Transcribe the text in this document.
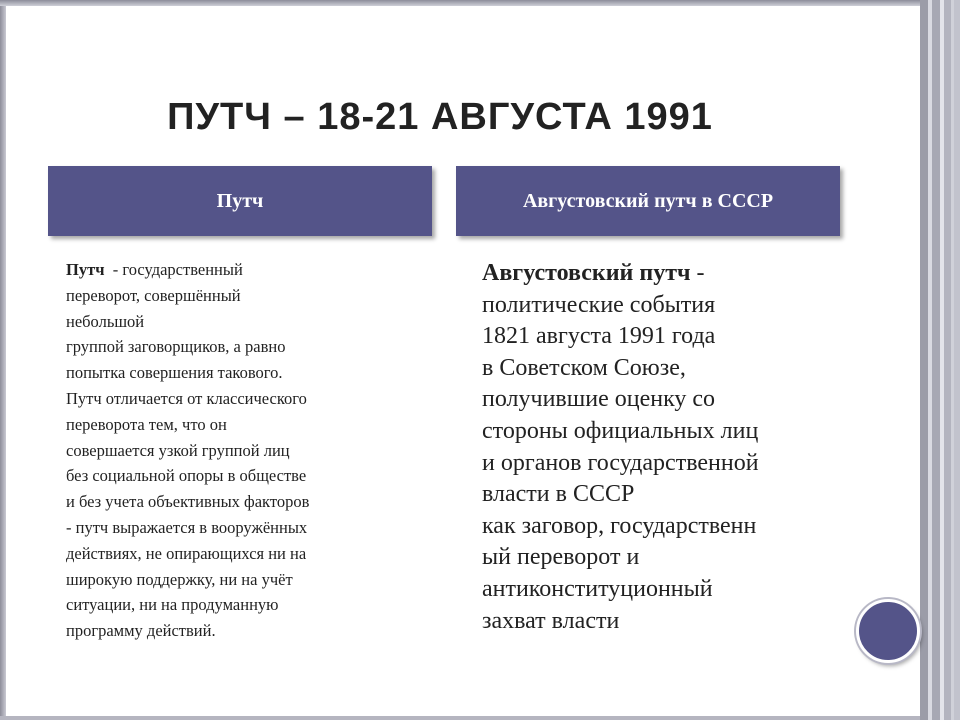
ПУТЧ – 18-21 АВГУСТА 1991
Путч	Августовский путч в СССР
Путч  - государственный
переворот, совершённый
небольшой
группой заговорщиков, а равно
попытка совершения такового.
Путч отличается от классического
переворота тем, что он
совершается узкой группой лиц
без социальной опоры в обществе
и без учета объективных факторов
- путч выражается в вооружённых
действиях, не опирающихся ни на
широкую поддержку, ни на учёт
ситуации, ни на продуманную
программу действий.
Августовский путч -
политические события
1821 августа 1991 года
в Советском Союзе,
получившие оценку со
стороны официальных лиц
и органов государственной
власти в СССР
как заговор, государственн
ый переворот и
антиконституционный
захват власти
